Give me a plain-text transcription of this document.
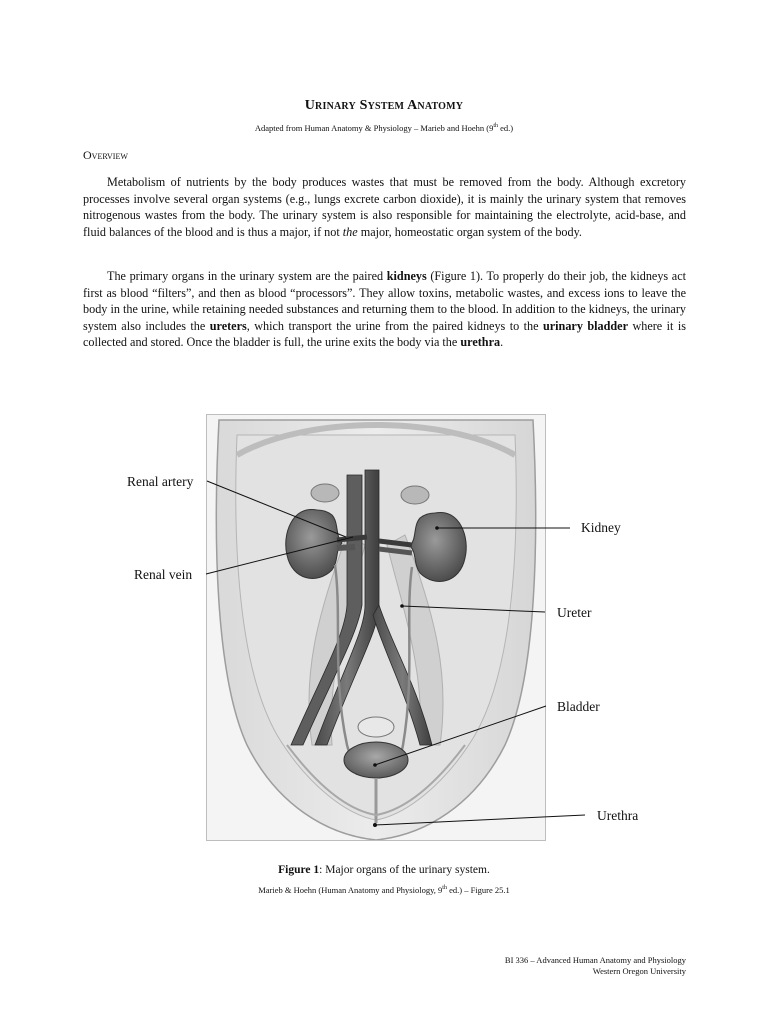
Urinary System Anatomy
Adapted from Human Anatomy & Physiology – Marieb and Hoehn (9th ed.)
Overview

Metabolism of nutrients by the body produces wastes that must be removed from the body. Although excretory processes involve several organ systems (e.g., lungs excrete carbon dioxide), it is mainly the urinary system that removes nitrogenous wastes from the body. The urinary system is also responsible for maintaining the electrolyte, acid-base, and fluid balances of the blood and is thus a major, if not the major, homeostatic organ system of the body.

The primary organs in the urinary system are the paired kidneys (Figure 1). To properly do their job, the kidneys act first as blood “filters”, and then as blood “processors”. They allow toxins, metabolic wastes, and excess ions to leave the body in the urine, while retaining needed substances and returning them to the blood. In addition to the kidneys, the urinary system also includes the ureters, which transport the urine from the paired kidneys to the urinary bladder where it is collected and stored. Once the bladder is full, the urine exits the body via the urethra.

Renal artery
Renal vein
Kidney
Ureter
Bladder
Urethra
Figure 1: Major organs of the urinary system.
Marieb & Hoehn (Human Anatomy and Physiology, 9th ed.) – Figure 25.1
BI 336 – Advanced Human Anatomy and Physiology
Western Oregon University
